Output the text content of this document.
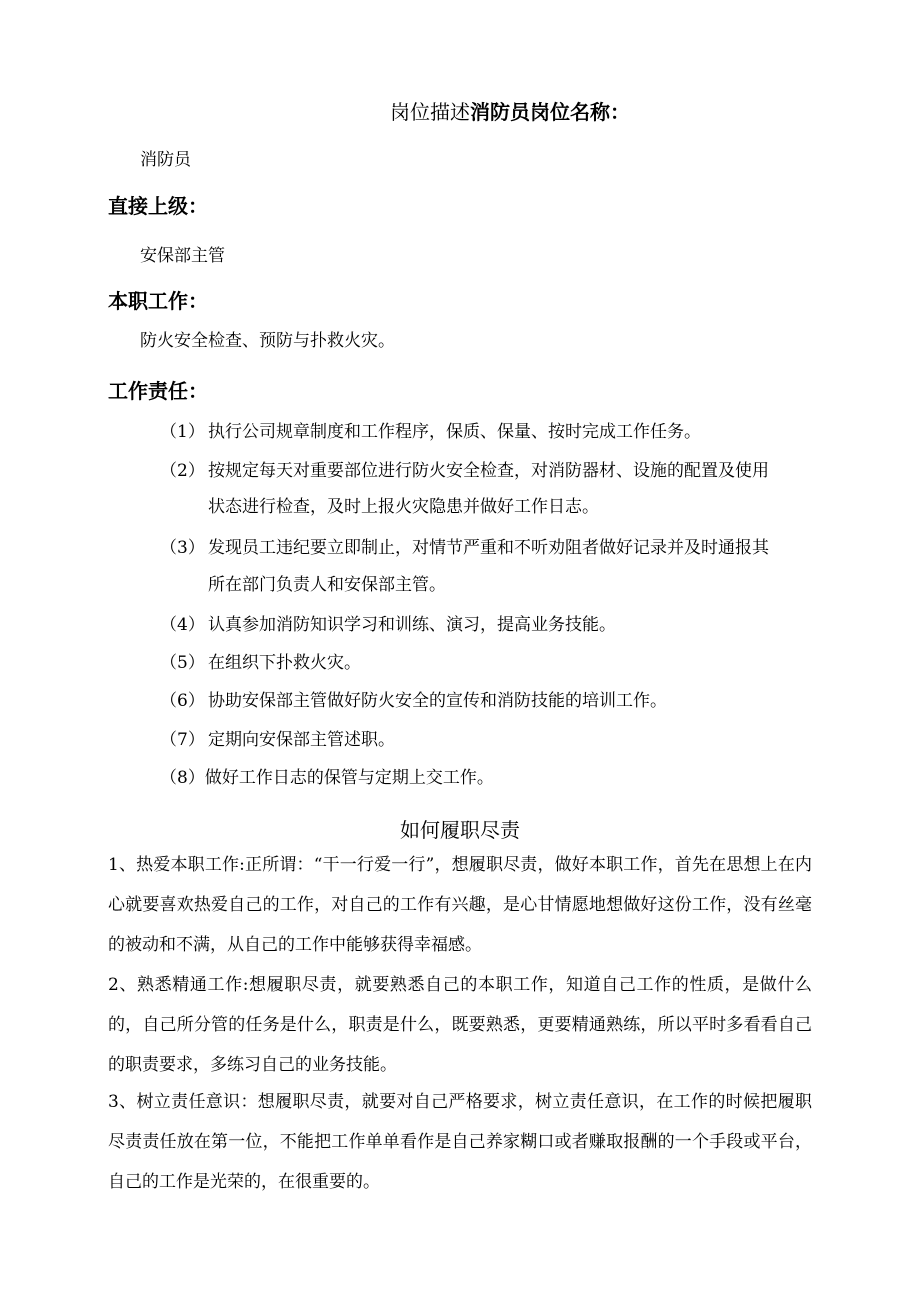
岗位描述消防员岗位名称：
消防员
直接上级：
安保部主管
本职工作：
防火安全检查、预防与扑救火灾。
工作责任：
（1） 执行公司规章制度和工作程序，保质、保量、按时完成工作任务。
（2） 按规定每天对重要部位进行防火安全检查，对消防器材、设施的配置及使用
状态进行检查，及时上报火灾隐患并做好工作日志。
（3） 发现员工违纪要立即制止，对情节严重和不听劝阻者做好记录并及时通报其
所在部门负责人和安保部主管。
（4） 认真参加消防知识学习和训练、演习，提高业务技能。
（5） 在组织下扑救火灾。
（6） 协助安保部主管做好防火安全的宣传和消防技能的培训工作。
（7） 定期向安保部主管述职。
（8）做好工作日志的保管与定期上交工作。
如何履职尽责
1、热爱本职工作:正所谓：“干一行爱一行”，想履职尽责，做好本职工作，首先在思想上在内心就要喜欢热爱自己的工作，对自己的工作有兴趣，是心甘情愿地想做好这份工作，没有丝毫的被动和不满，从自己的工作中能够获得幸福感。
2、熟悉精通工作:想履职尽责，就要熟悉自己的本职工作，知道自己工作的性质，是做什么的，自己所分管的任务是什么，职责是什么，既要熟悉，更要精通熟练，所以平时多看看自己的职责要求，多练习自己的业务技能。
3、树立责任意识：想履职尽责，就要对自己严格要求，树立责任意识，在工作的时候把履职尽责责任放在第一位，不能把工作单单看作是自己养家糊口或者赚取报酬的一个手段或平台，自己的工作是光荣的，在很重要的。
